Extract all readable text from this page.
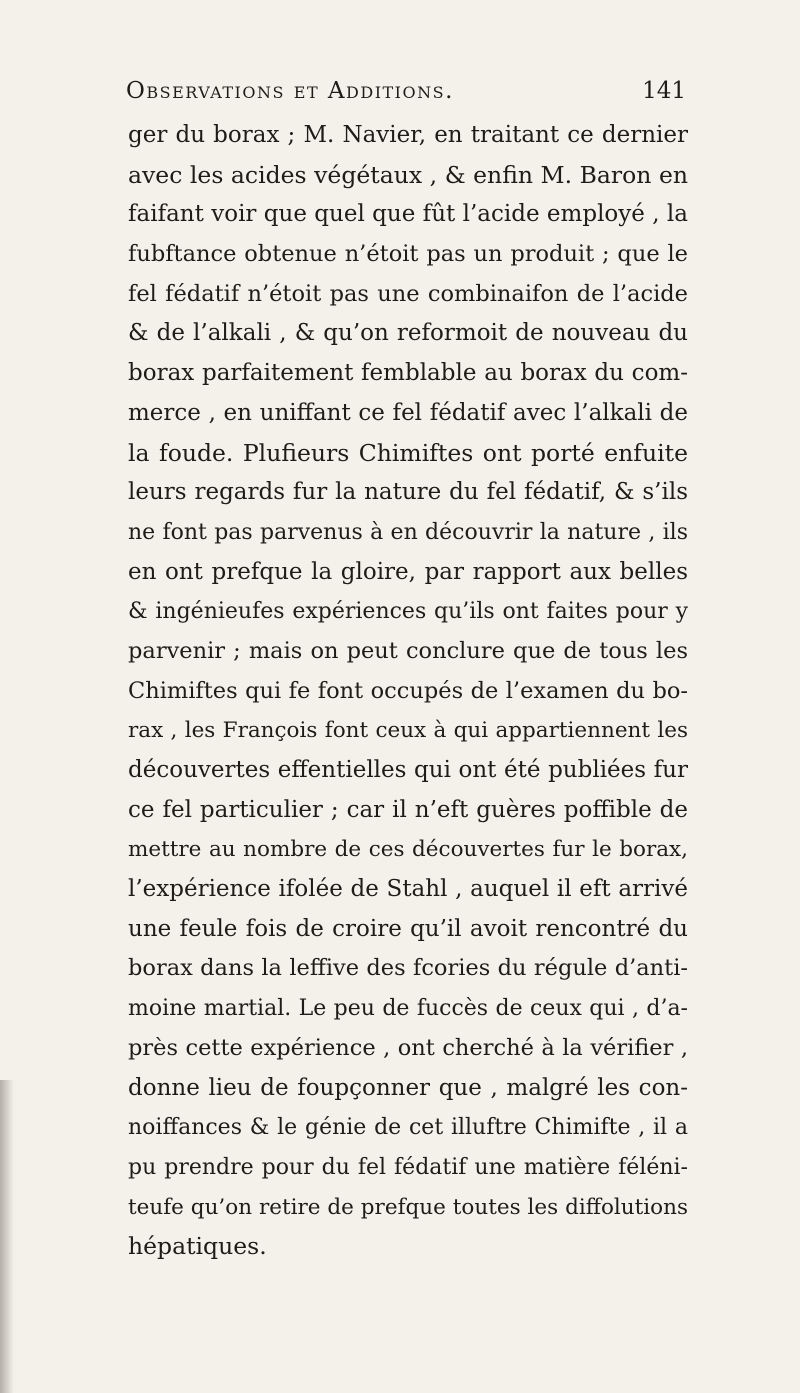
Observations et Additions.	141
ger du borax ; M. Navier, en traitant ce dernier
avec les acides végétaux , & enfin M. Baron en
faifant voir que quel que fût l’acide employé , la
fubftance obtenue n’étoit pas un produit ; que le
fel fédatif n’étoit pas une combinaifon de l’acide
& de l’alkali , & qu’on reformoit de nouveau du
borax parfaitement femblable au borax du com-
merce , en uniffant ce fel fédatif avec l’alkali de
la foude. Plufieurs Chimiftes ont porté enfuite
leurs regards fur la nature du fel fédatif, & s’ils
ne font pas parvenus à en découvrir la nature , ils
en ont prefque la gloire, par rapport aux belles
& ingénieufes expériences qu’ils ont faites pour y
parvenir ; mais on peut conclure que de tous les
Chimiftes qui fe font occupés de l’examen du bo-
rax , les François font ceux à qui appartiennent les
découvertes effentielles qui ont été publiées fur
ce fel particulier ; car il n’eft guères poffible de
mettre au nombre de ces découvertes fur le borax,
l’expérience ifolée de Stahl , auquel il eft arrivé
une feule fois de croire qu’il avoit rencontré du
borax dans la leffive des fcories du régule d’anti-
moine martial. Le peu de fuccès de ceux qui , d’a-
près cette expérience , ont cherché à la vérifier ,
donne lieu de foupçonner que , malgré les con-
noiffances & le génie de cet illuftre Chimifte , il a
pu prendre pour du fel fédatif une matière féléni-
teufe qu’on retire de prefque toutes les diffolutions
hépatiques.
